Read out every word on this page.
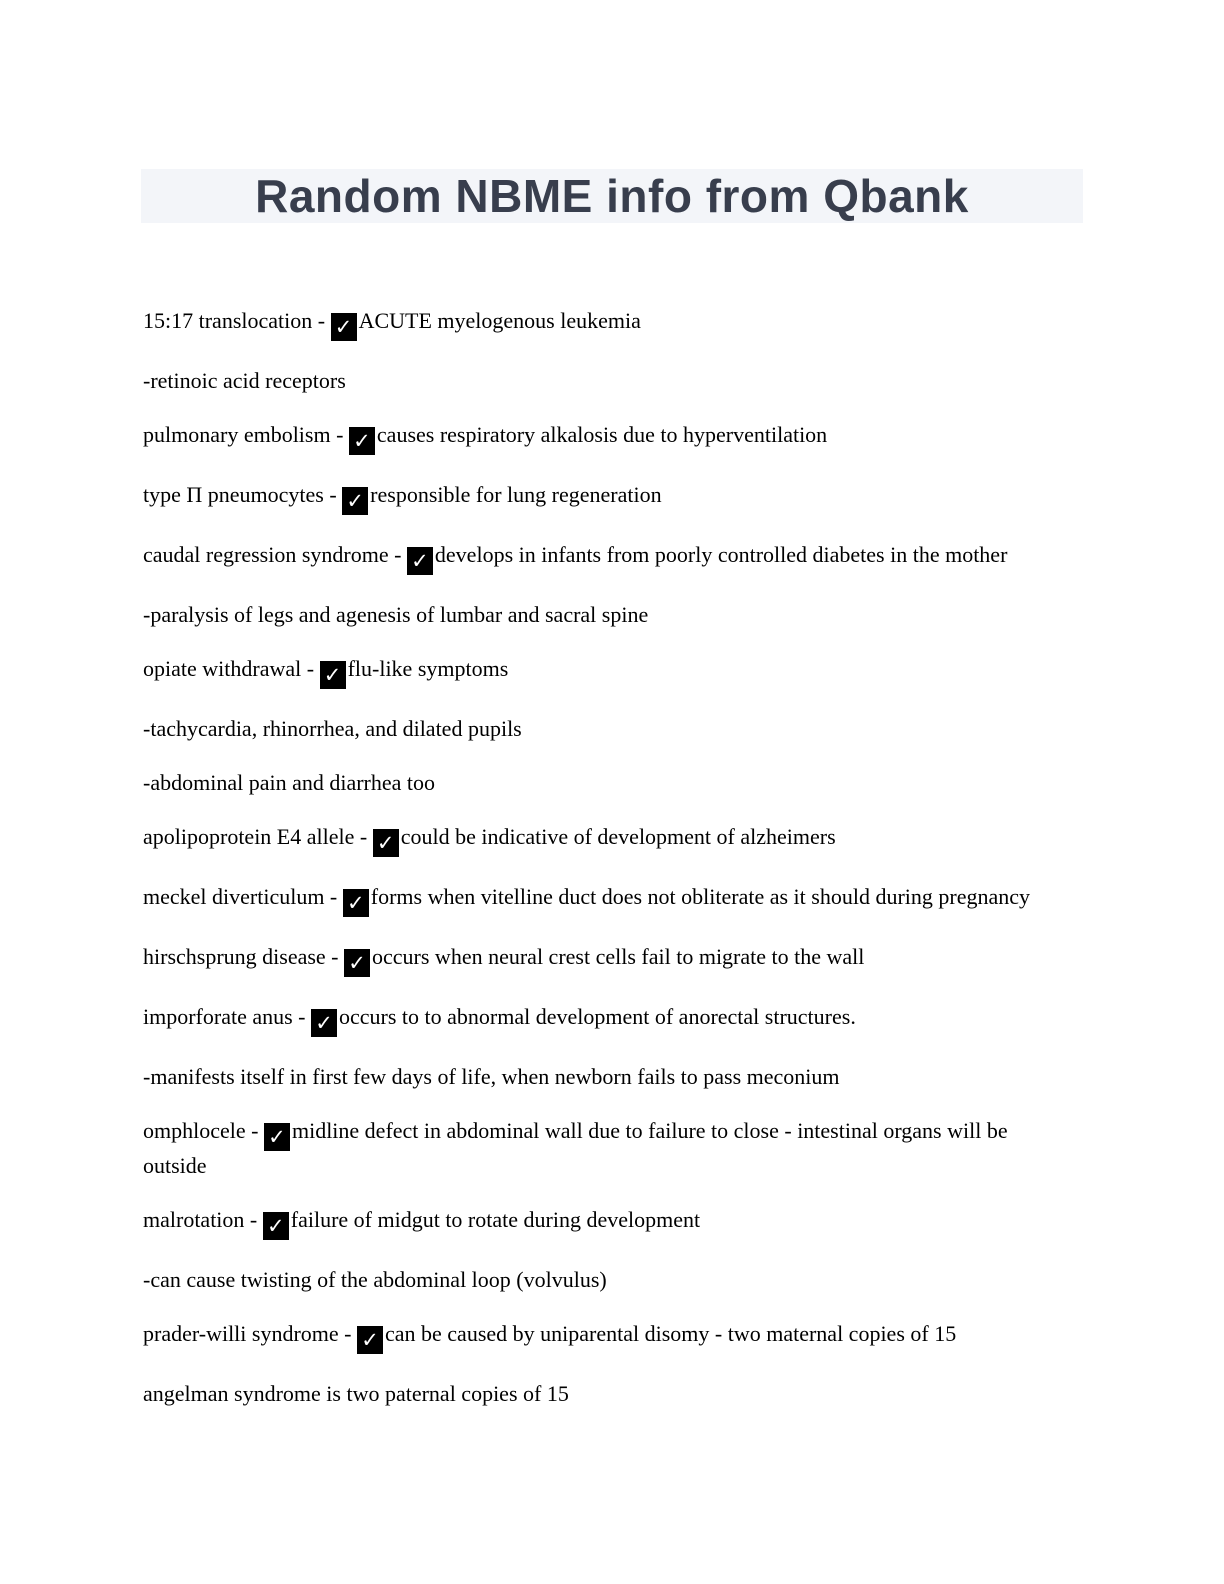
Random NBME info from Qbank

15:17 translocation - ✓ ACUTE myelogenous leukemia

-retinoic acid receptors

pulmonary embolism - ✓ causes respiratory alkalosis due to hyperventilation

type Π pneumocytes - ✓ responsible for lung regeneration

caudal regression syndrome - ✓ develops in infants from poorly controlled diabetes in the mother

-paralysis of legs and agenesis of lumbar and sacral spine

opiate withdrawal - ✓ flu-like symptoms

-tachycardia, rhinorrhea, and dilated pupils

-abdominal pain and diarrhea too

apolipoprotein E4 allele - ✓ could be indicative of development of alzheimers

meckel diverticulum - ✓ forms when vitelline duct does not obliterate as it should during pregnancy

hirschsprung disease - ✓ occurs when neural crest cells fail to migrate to the wall

imporforate anus - ✓ occurs to to abnormal development of anorectal structures.

-manifests itself in first few days of life, when newborn fails to pass meconium

omphlocele - ✓ midline defect in abdominal wall due to failure to close - intestinal organs will be outside

malrotation - ✓ failure of midgut to rotate during development

-can cause twisting of the abdominal loop (volvulus)

prader-willi syndrome - ✓ can be caused by uniparental disomy - two maternal copies of 15

angelman syndrome is two paternal copies of 15
